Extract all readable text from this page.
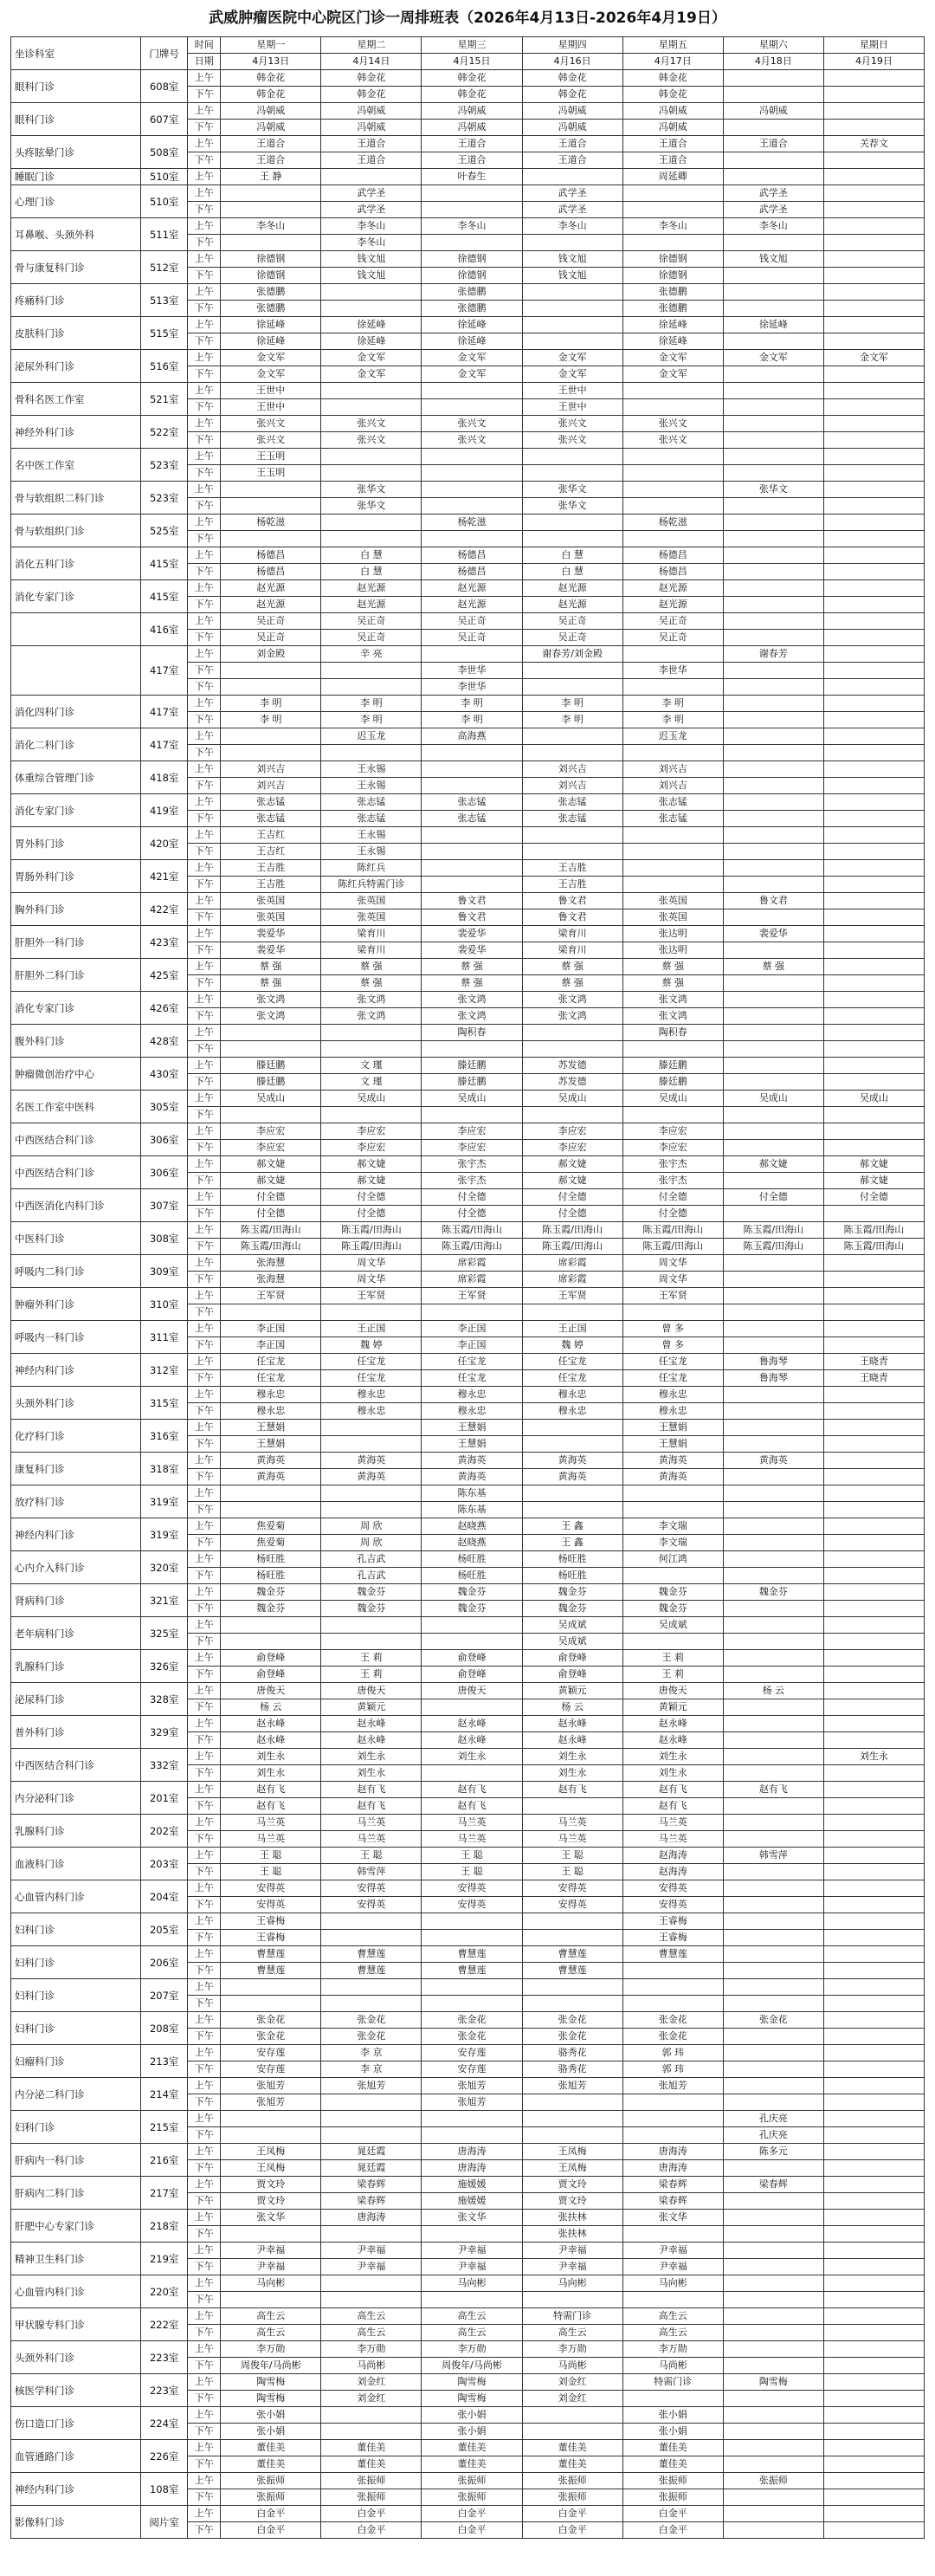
武威肿瘤医院中心院区门诊一周排班表（2026年4月13日-2026年4月19日）
坐诊科室	门牌号	时间	星期一	星期二	星期三	星期四	星期五	星期六	星期日
		日期	4月13日	4月14日	4月15日	4月16日	4月17日	4月18日	4月19日
眼科门诊	608室	上午	韩金花	韩金花	韩金花	韩金花	韩金花		
		下午	韩金花	韩金花	韩金花	韩金花	韩金花		
眼科门诊	607室	上午	冯朝威	冯朝威	冯朝威	冯朝威	冯朝威	冯朝威	
		下午	冯朝威	冯朝威	冯朝威	冯朝威	冯朝威		
头疼眩晕门诊	508室	上午	王道合	王道合	王道合	王道合	王道合	王道合	关荐文
		下午	王道合	王道合	王道合	王道合	王道合		
睡眠门诊	510室	上午	王 静		叶春生		周延卿		
心理门诊	510室	上午		武学圣		武学圣		武学圣	
		下午		武学圣		武学圣		武学圣	
耳鼻喉、头颈外科	511室	上午	李冬山	李冬山	李冬山	李冬山	李冬山	李冬山	
		下午		李冬山					
骨与康复科门诊	512室	上午	徐德钢	钱文旭	徐德钢	钱文旭	徐德钢	钱文旭	
		下午	徐德钢	钱文旭	徐德钢	钱文旭	徐德钢		
疼痛科门诊	513室	上午	张德鹏		张德鹏		张德鹏		
		下午	张德鹏		张德鹏		张德鹏		
皮肤科门诊	515室	上午	徐延峰	徐延峰	徐延峰		徐延峰	徐延峰	
		下午	徐延峰	徐延峰	徐延峰		徐延峰		
泌尿外科门诊	516室	上午	金文军	金文军	金文军	金文军	金文军	金文军	金文军
		下午	金文军	金文军	金文军	金文军	金文军		
骨科名医工作室	521室	上午	王世中			王世中			
		下午	王世中			王世中			
神经外科门诊	522室	上午	张兴文	张兴文	张兴文	张兴文	张兴文		
		下午	张兴文	张兴文	张兴文	张兴文	张兴文		
名中医工作室	523室	上午	王玉明						
		下午	王玉明						
骨与软组织二科门诊	523室	上午		张华文		张华文		张华文	
		下午		张华文		张华文			
骨与软组织门诊	525室	上午	杨乾滋		杨乾滋		杨乾滋		
		下午							
消化五科门诊	415室	上午	杨德昌	白 慧	杨德昌	白 慧	杨德昌		
		下午	杨德昌	白 慧	杨德昌	白 慧	杨德昌		
消化专家门诊	415室	上午	赵光源	赵光源	赵光源	赵光源	赵光源		
		下午	赵光源	赵光源	赵光源	赵光源	赵光源		
	416室	上午	吴正奇	吴正奇	吴正奇	吴正奇	吴正奇		
		下午	吴正奇	吴正奇	吴正奇	吴正奇	吴正奇		
	417室	上午	刘金殿	辛 亮		谢春芳/刘金殿		谢春芳	
		下午			李世华		李世华		
		下午			李世华				
消化四科门诊	417室	上午	李 明	李 明	李 明	李 明	李 明		
		下午	李 明	李 明	李 明	李 明	李 明		
消化二科门诊	417室	上午		迟玉龙	高海燕		迟玉龙		
		下午							
体重综合管理门诊	418室	上午	刘兴吉	王永锡		刘兴吉	刘兴吉		
		下午	刘兴吉	王永锡		刘兴吉	刘兴吉		
消化专家门诊	419室	上午	张志锰	张志锰	张志锰	张志锰	张志锰		
		下午	张志锰	张志锰	张志锰	张志锰	张志锰		
胃外科门诊	420室	上午	王吉红	王永锡					
		下午	王吉红	王永锡					
胃肠外科门诊	421室	上午	王吉胜	陈红兵		王吉胜			
		下午	王吉胜	陈红兵特需门诊		王吉胜			
胸外科门诊	422室	上午	张英国	张英国	鲁文君	鲁文君	张英国	鲁文君	
		下午	张英国	张英国	鲁文君	鲁文君	张英国		
肝胆外一科门诊	423室	上午	裴爱华	梁育川	裴爱华	梁育川	张达明	裴爱华	
		下午	裴爱华	梁育川	裴爱华	梁育川	张达明		
肝胆外二科门诊	425室	上午	蔡 强	蔡 强	蔡 强	蔡 强	蔡 强	蔡 强	
		下午	蔡 强	蔡 强	蔡 强	蔡 强	蔡 强		
消化专家门诊	426室	上午	张文鸿	张文鸿	张文鸿	张文鸿	张文鸿		
		下午	张文鸿	张文鸿	张文鸿	张文鸿	张文鸿		
腹外科门诊	428室	上午			陶积春		陶积春		
		下午							
肿瘤微创治疗中心	430室	上午	滕廷鹏	文 瑾	滕廷鹏	苏发德	滕廷鹏		
		下午	滕廷鹏	文 瑾	滕廷鹏	苏发德	滕廷鹏		
名医工作室中医科	305室	上午	吴成山	吴成山	吴成山	吴成山	吴成山	吴成山	吴成山
		下午							
中西医结合科门诊	306室	上午	李应宏	李应宏	李应宏	李应宏	李应宏		
		下午	李应宏	李应宏	李应宏	李应宏	李应宏		
中西医结合科门诊	306室	上午	郝文婕	郝文婕	张宇杰	郝文婕	张宇杰	郝文婕	郝文婕
		下午	郝文婕	郝文婕	张宇杰	郝文婕	张宇杰		郝文婕
中西医消化内科门诊	307室	上午	付全德	付全德	付全德	付全德	付全德	付全德	付全德
		下午	付全德	付全德	付全德	付全德	付全德		
中医科门诊	308室	上午	陈玉霞/田海山	陈玉霞/田海山	陈玉霞/田海山	陈玉霞/田海山	陈玉霞/田海山	陈玉霞/田海山	陈玉霞/田海山
		下午	陈玉霞/田海山	陈玉霞/田海山	陈玉霞/田海山	陈玉霞/田海山	陈玉霞/田海山	陈玉霞/田海山	陈玉霞/田海山
呼吸内二科门诊	309室	上午	张海慧	周文华	席彩霞	席彩霞	周文华		
		下午	张海慧	周文华	席彩霞	席彩霞	周文华		
肿瘤外科门诊	310室	上午	王军贤	王军贤	王军贤	王军贤	王军贤		
		下午							
呼吸内一科门诊	311室	上午	李正国	王正国	李正国	王正国	曾 多		
		下午	李正国	魏 婷	李正国	魏 婷	曾 多		
神经内科门诊	312室	上午	任宝龙	任宝龙	任宝龙	任宝龙	任宝龙	鲁海琴	王晓青
		下午	任宝龙	任宝龙	任宝龙	任宝龙	任宝龙	鲁海琴	王晓青
头颈外科门诊	315室	上午	穆永忠	穆永忠	穆永忠	穆永忠	穆永忠		
		下午	穆永忠	穆永忠	穆永忠	穆永忠	穆永忠		
化疗科门诊	316室	上午	王慧娟		王慧娟		王慧娟		
		下午	王慧娟		王慧娟		王慧娟		
康复科门诊	318室	上午	黄海英	黄海英	黄海英	黄海英	黄海英	黄海英	
		下午	黄海英	黄海英	黄海英	黄海英	黄海英		
放疗科门诊	319室	上午			陈东基				
		下午			陈东基				
神经内科门诊	319室	上午	焦爱菊	周 欣	赵晓燕	王 鑫	李文瑞		
		下午	焦爱菊	周 欣	赵晓燕	王 鑫	李文瑞		
心内介入科门诊	320室	上午	杨旺胜	孔吉武	杨旺胜	杨旺胜	何江鸿		
		下午	杨旺胜	孔吉武	杨旺胜	杨旺胜			
肾病科门诊	321室	上午	魏金芬	魏金芬	魏金芬	魏金芬	魏金芬	魏金芬	
		下午	魏金芬	魏金芬	魏金芬	魏金芬	魏金芬		
老年病科门诊	325室	上午				吴成斌	吴成斌		
		下午				吴成斌			
乳腺科门诊	326室	上午	俞登峰	王 莉	俞登峰	俞登峰	王 莉		
		下午	俞登峰	王 莉	俞登峰	俞登峰	王 莉		
泌尿科门诊	328室	上午	唐俊天	唐俊天	唐俊天	黄颖元	唐俊天	杨 云	
		下午	杨 云	黄颖元		杨 云	黄颖元		
普外科门诊	329室	上午	赵永峰	赵永峰	赵永峰	赵永峰	赵永峰		
		下午	赵永峰	赵永峰	赵永峰	赵永峰	赵永峰		
中西医结合科门诊	332室	上午	刘生永	刘生永	刘生永	刘生永	刘生永		刘生永
		下午	刘生永	刘生永		刘生永	刘生永		
内分泌科门诊	201室	上午	赵有飞	赵有飞	赵有飞	赵有飞	赵有飞	赵有飞	
		下午	赵有飞	赵有飞	赵有飞		赵有飞		
乳腺科门诊	202室	上午	马兰英	马兰英	马兰英	马兰英	马兰英		
		下午	马兰英	马兰英	马兰英	马兰英	马兰英		
血液科门诊	203室	上午	王 聪	王 聪	王 聪	王 聪	赵海涛	韩雪萍	
		下午	王 聪	韩雪萍	王 聪	王 聪	赵海涛		
心血管内科门诊	204室	上午	安得英	安得英	安得英	安得英	安得英		
		下午	安得英	安得英	安得英	安得英	安得英		
妇科门诊	205室	上午	王睿梅				王睿梅		
		下午	王睿梅				王睿梅		
妇科门诊	206室	上午	曹慧莲	曹慧莲	曹慧莲	曹慧莲	曹慧莲		
		下午	曹慧莲	曹慧莲	曹慧莲	曹慧莲			
妇科门诊	207室	上午							
		下午							
妇科门诊	208室	上午	张金花	张金花	张金花	张金花	张金花	张金花	
		下午	张金花	张金花	张金花	张金花	张金花		
妇瘤科门诊	213室	上午	安存莲	李 京	安存莲	骆秀花	郭 玮		
		下午	安存莲	李 京	安存莲	骆秀花	郭 玮		
内分泌二科门诊	214室	上午	张旭芳	张旭芳	张旭芳	张旭芳	张旭芳		
		下午	张旭芳		张旭芳				
妇科门诊	215室	上午						孔庆亮	
		下午						孔庆亮	
肝病内一科门诊	216室	上午	王凤梅	晁廷霞	唐海涛	王凤梅	唐海涛	陈多元	
		下午	王凤梅	晁廷霞	唐海涛	王凤梅	唐海涛		
肝病内二科门诊	217室	上午	贾文玲	梁春辉	施媛媛	贾文玲	梁春辉	梁春辉	
		下午	贾文玲	梁春辉	施媛媛	贾文玲	梁春辉		
肝肥中心专家门诊	218室	上午	张文华	唐海涛	张文华	张扶林	张文华		
		下午				张扶林			
精神卫生科门诊	219室	上午	尹幸福	尹幸福	尹幸福	尹幸福	尹幸福		
		下午	尹幸福	尹幸福	尹幸福	尹幸福	尹幸福		
心血管内科门诊	220室	上午	马向彬		马向彬	马向彬	马向彬		
		下午							
甲状腺专科门诊	222室	上午	高生云	高生云	高生云	特需门诊	高生云		
		下午	高生云	高生云	高生云	高生云	高生云		
头颈外科门诊	223室	上午	李万勋	李万勋	李万勋	李万勋	李万勋		
		下午	周俊年/马尚彬	马尚彬	周俊年/马尚彬	马尚彬	马尚彬		
核医学科门诊	223室	上午	陶雪梅	刘金红	陶雪梅	刘金红	特需门诊	陶雪梅	
		下午	陶雪梅	刘金红	陶雪梅	刘金红			
伤口造口门诊	224室	上午	张小娟		张小娟		张小娟		
		下午	张小娟		张小娟		张小娟		
血管通路门诊	226室	上午	董佳美	董佳美	董佳美	董佳美	董佳美		
		下午	董佳美	董佳美	董佳美	董佳美	董佳美		
神经内科门诊	108室	上午	张振师	张振师	张振师	张振师	张振师	张振师	
		下午	张振师	张振师	张振师	张振师	张振师		
影像科门诊	阅片室	上午	白金平	白金平	白金平	白金平	白金平		
		下午	白金平	白金平	白金平	白金平	白金平		
